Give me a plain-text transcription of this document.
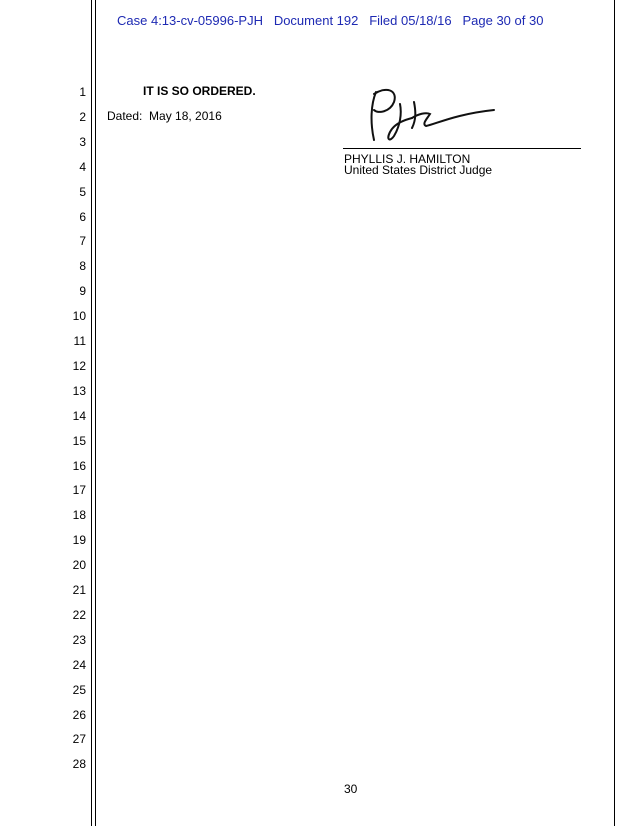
Case 4:13-cv-05996-PJH Document 192 Filed 05/18/16 Page 30 of 30
1
2
3
4
5
6
7
8
9
10
11
12
13
14
15
16
17
18
19
20
21
22
23
24
25
26
27
28
IT IS SO ORDERED.
Dated:  May 18, 2016
PHYLLIS J. HAMILTON
United States District Judge
30
